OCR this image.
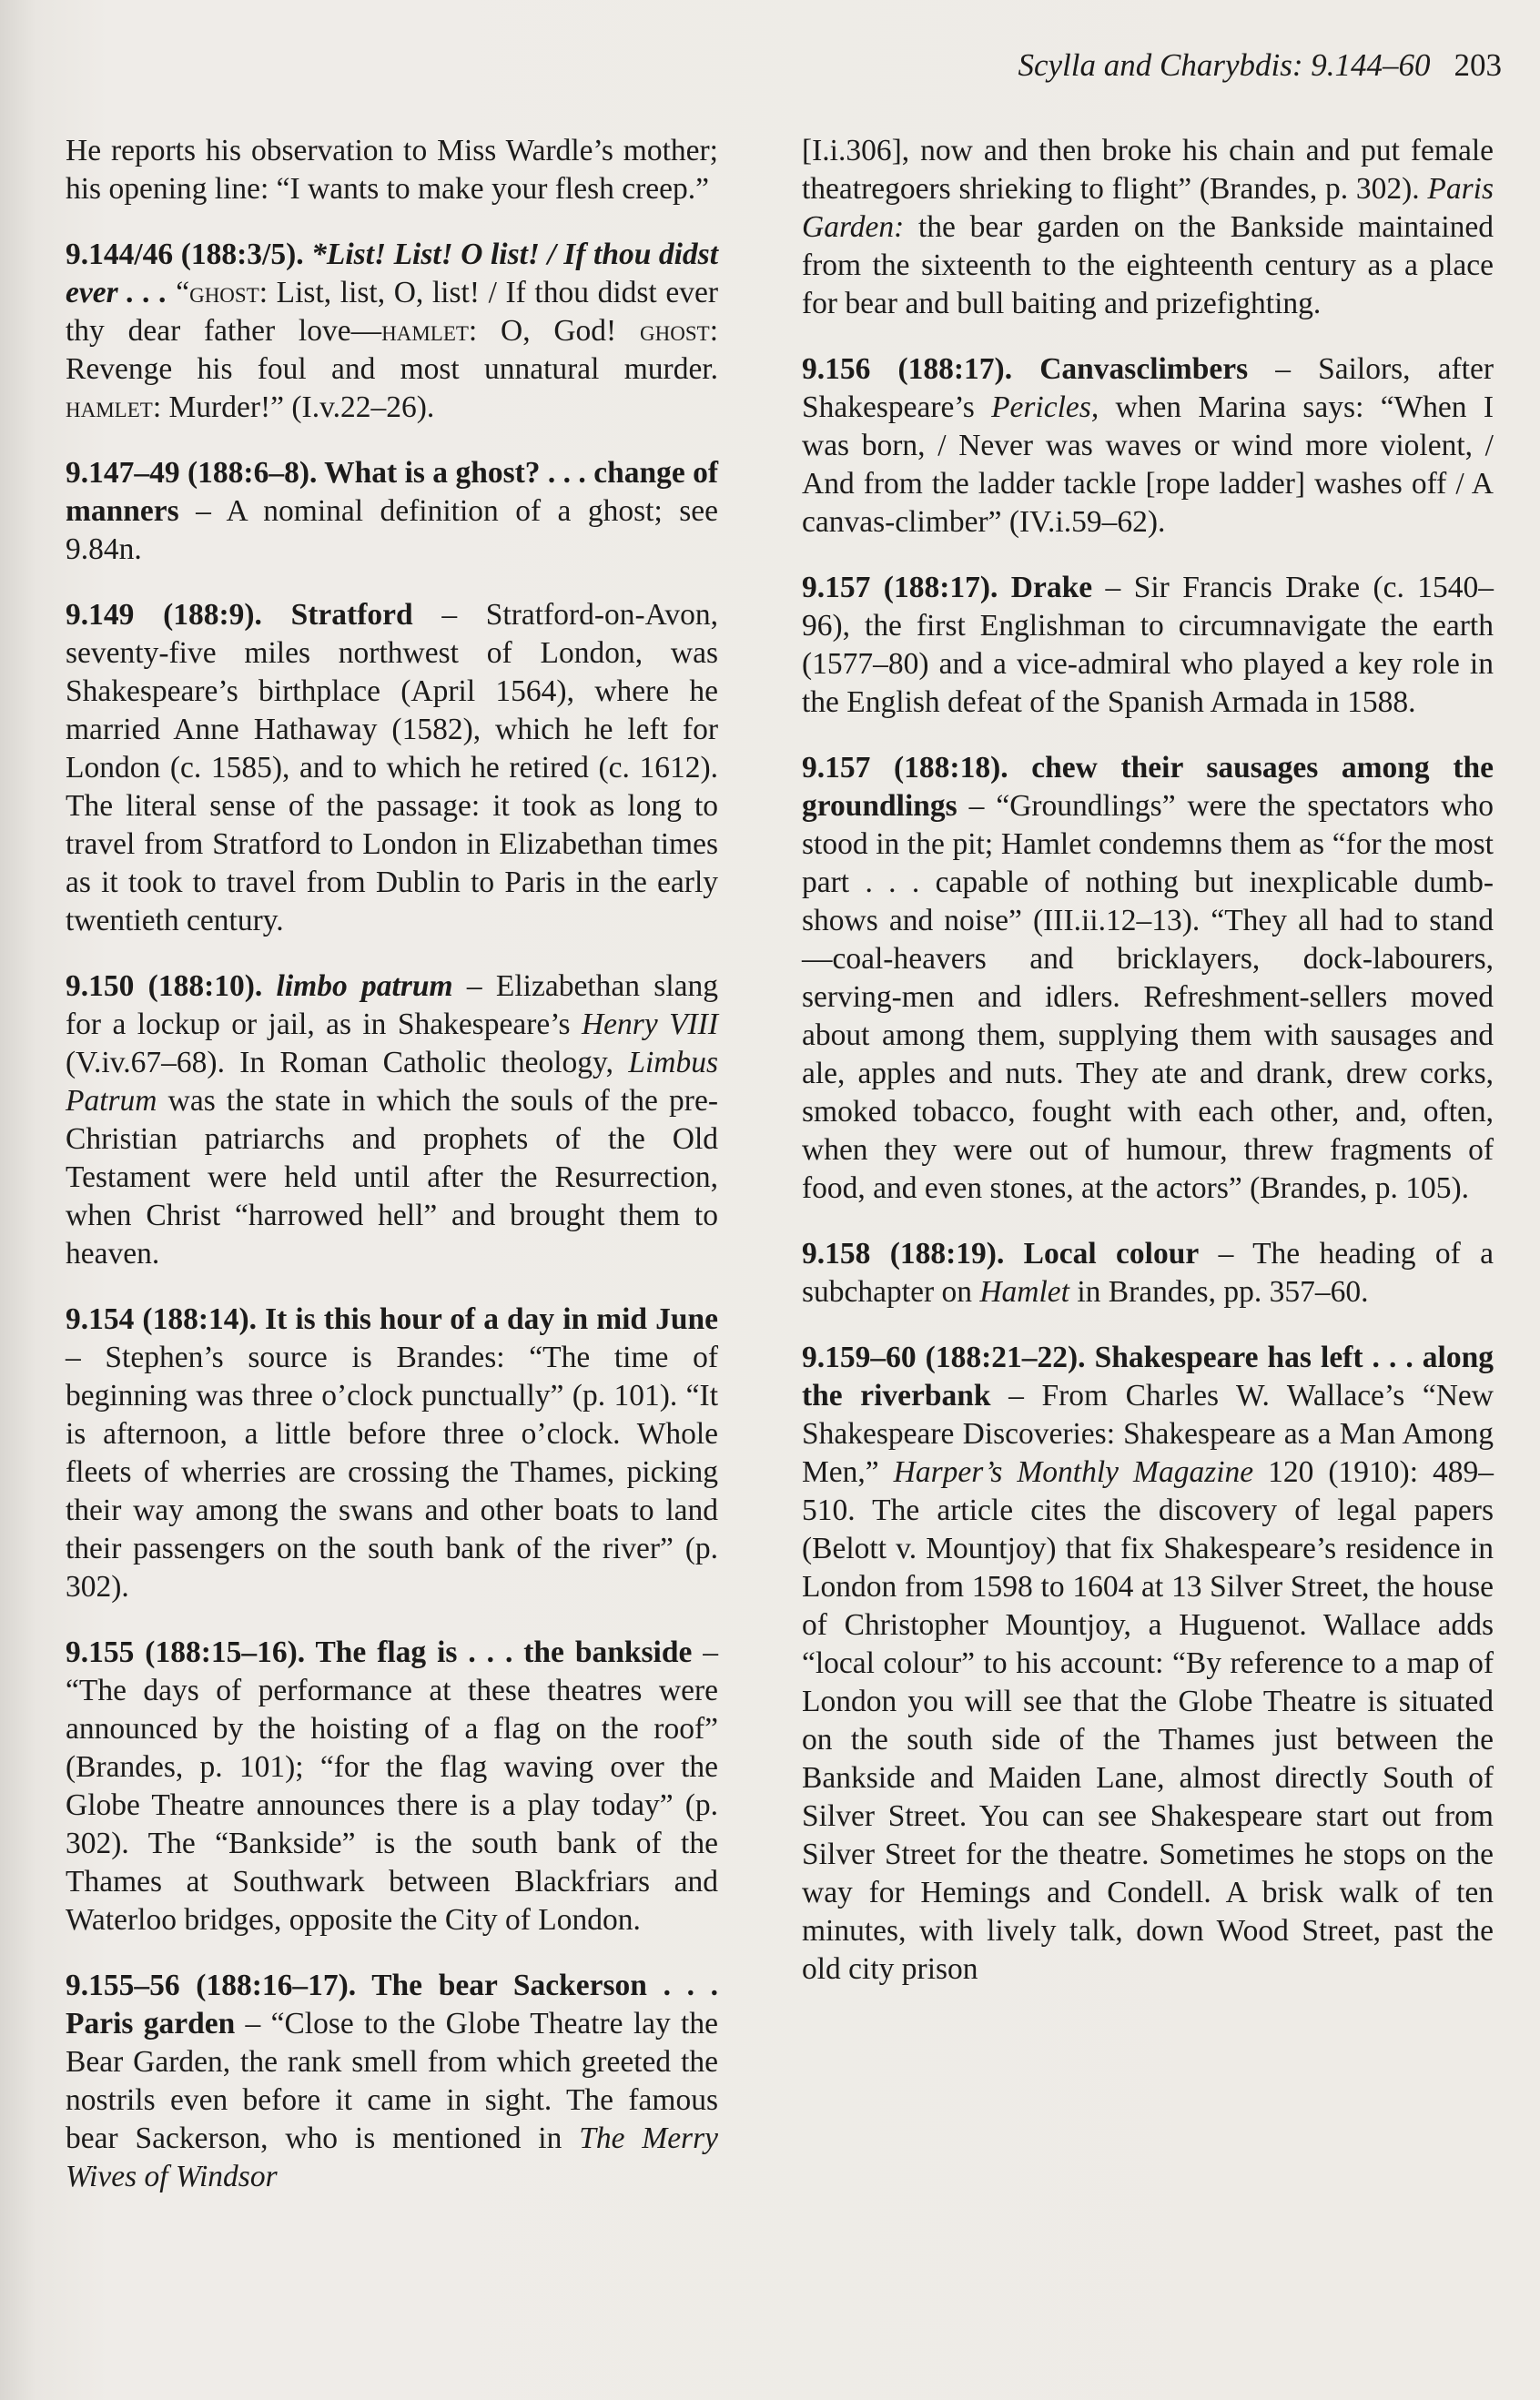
Scylla and Charybdis: 9.144–60 203

He reports his observation to Miss Wardle’s mother; his opening line: “I wants to make your flesh creep.”

9.144/46 (188:3/5). *List! List! O list! / If thou didst ever . . . “ghost: List, list, O, list! / If thou didst ever thy dear father love—hamlet: O, God! ghost: Revenge his foul and most unnatural murder. hamlet: Murder!” (I.v.22–26).

9.147–49 (188:6–8). What is a ghost? . . . change of manners – A nominal definition of a ghost; see 9.84n.

9.149 (188:9). Stratford – Stratford-on-Avon, seventy-five miles northwest of London, was Shakespeare’s birthplace (April 1564), where he married Anne Hathaway (1582), which he left for London (c. 1585), and to which he retired (c. 1612). The literal sense of the passage: it took as long to travel from Stratford to London in Elizabethan times as it took to travel from Dublin to Paris in the early twentieth century.

9.150 (188:10). limbo patrum – Elizabethan slang for a lockup or jail, as in Shakespeare’s Henry VIII (V.iv.67–68). In Roman Catholic theology, Limbus Patrum was the state in which the souls of the pre-Christian patriarchs and prophets of the Old Testament were held until after the Resurrection, when Christ “harrowed hell” and brought them to heaven.

9.154 (188:14). It is this hour of a day in mid June – Stephen’s source is Brandes: “The time of beginning was three o’clock punctually” (p. 101). “It is afternoon, a little before three o’clock. Whole fleets of wherries are crossing the Thames, picking their way among the swans and other boats to land their passengers on the south bank of the river” (p. 302).

9.155 (188:15–16). The flag is . . . the bankside – “The days of performance at these theatres were announced by the hoisting of a flag on the roof” (Brandes, p. 101); “for the flag waving over the Globe Theatre announces there is a play today” (p. 302). The “Bankside” is the south bank of the Thames at Southwark between Blackfriars and Waterloo bridges, opposite the City of London.

9.155–56 (188:16–17). The bear Sackerson . . . Paris garden – “Close to the Globe Theatre lay the Bear Garden, the rank smell from which greeted the nostrils even before it came in sight. The famous bear Sackerson, who is mentioned in The Merry Wives of Windsor

[I.i.306], now and then broke his chain and put female theatregoers shrieking to flight” (Brandes, p. 302). Paris Garden: the bear garden on the Bankside maintained from the sixteenth to the eighteenth century as a place for bear and bull baiting and prizefighting.

9.156 (188:17). Canvasclimbers – Sailors, after Shakespeare’s Pericles, when Marina says: “When I was born, / Never was waves or wind more violent, / And from the ladder tackle [rope ladder] washes off / A canvas-climber” (IV.i.59–62).

9.157 (188:17). Drake – Sir Francis Drake (c. 1540–96), the first Englishman to circumnavigate the earth (1577–80) and a vice-admiral who played a key role in the English defeat of the Spanish Armada in 1588.

9.157 (188:18). chew their sausages among the groundlings – “Groundlings” were the spectators who stood in the pit; Hamlet condemns them as “for the most part . . . capable of nothing but inexplicable dumb-shows and noise” (III.ii.12–13). “They all had to stand—coal-heavers and bricklayers, dock-labourers, serving-men and idlers. Refreshment-sellers moved about among them, supplying them with sausages and ale, apples and nuts. They ate and drank, drew corks, smoked tobacco, fought with each other, and, often, when they were out of humour, threw fragments of food, and even stones, at the actors” (Brandes, p. 105).

9.158 (188:19). Local colour – The heading of a subchapter on Hamlet in Brandes, pp. 357–60.

9.159–60 (188:21–22). Shakespeare has left . . . along the riverbank – From Charles W. Wallace’s “New Shakespeare Discoveries: Shakespeare as a Man Among Men,” Harper’s Monthly Magazine 120 (1910): 489–510. The article cites the discovery of legal papers (Belott v. Mountjoy) that fix Shakespeare’s residence in London from 1598 to 1604 at 13 Silver Street, the house of Christopher Mountjoy, a Huguenot. Wallace adds “local colour” to his account: “By reference to a map of London you will see that the Globe Theatre is situated on the south side of the Thames just between the Bankside and Maiden Lane, almost directly South of Silver Street. You can see Shakespeare start out from Silver Street for the theatre. Sometimes he stops on the way for Hemings and Condell. A brisk walk of ten minutes, with lively talk, down Wood Street, past the old city prison
